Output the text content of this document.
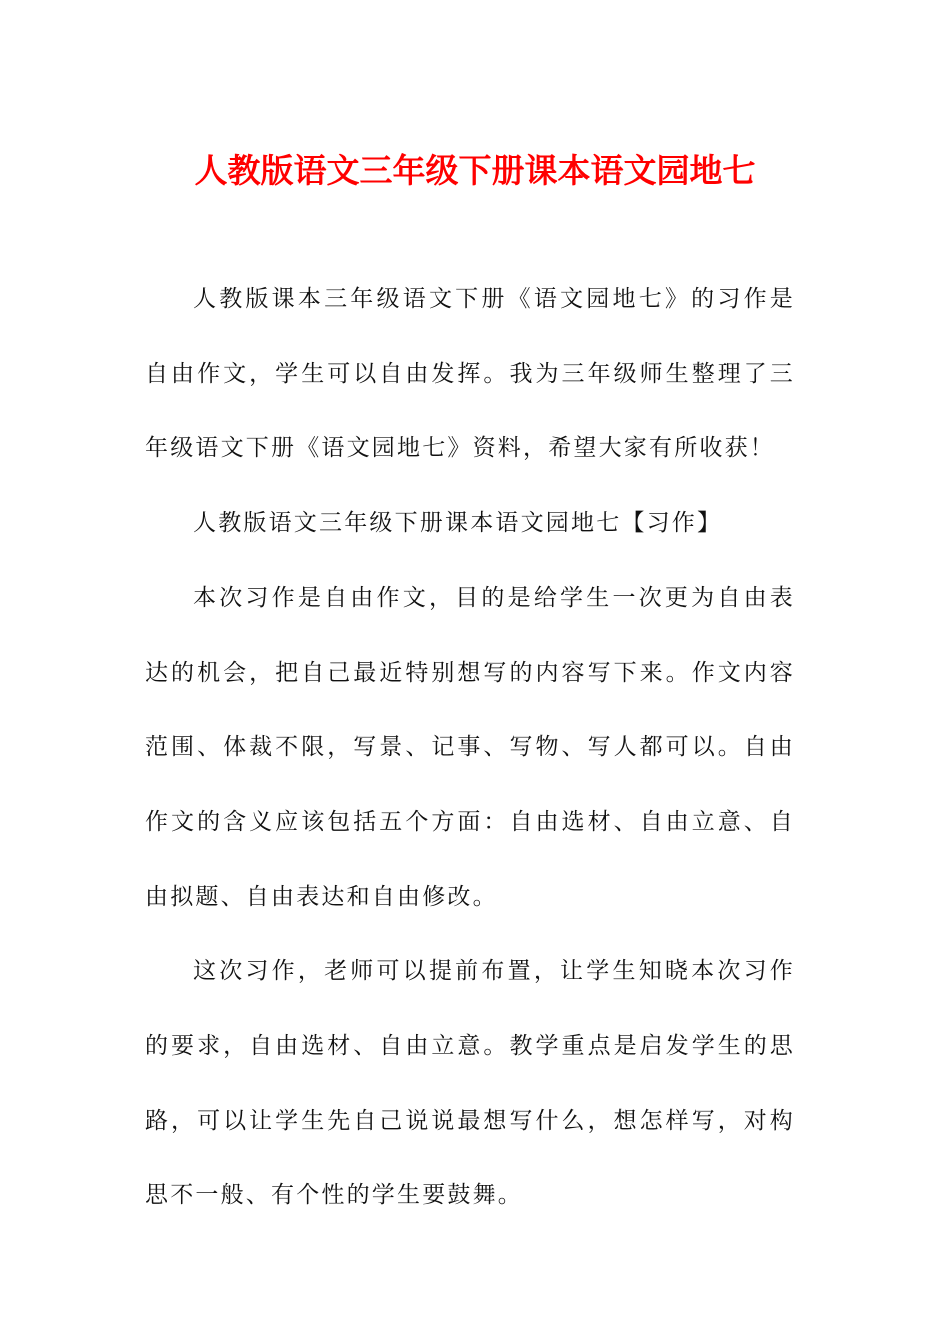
人教版语文三年级下册课本语文园地七

人教版课本三年级语文下册《语文园地七》的习作是自由作文，学生可以自由发挥。我为三年级师生整理了三年级语文下册《语文园地七》资料，希望大家有所收获！

人教版语文三年级下册课本语文园地七【习作】

本次习作是自由作文，目的是给学生一次更为自由表达的机会，把自己最近特别想写的内容写下来。作文内容范围、体裁不限，写景、记事、写物、写人都可以。自由作文的含义应该包括五个方面：自由选材、自由立意、自由拟题、自由表达和自由修改。

这次习作，老师可以提前布置，让学生知晓本次习作的要求，自由选材、自由立意。教学重点是启发学生的思路，可以让学生先自己说说最想写什么，想怎样写，对构思不一般、有个性的学生要鼓舞。
